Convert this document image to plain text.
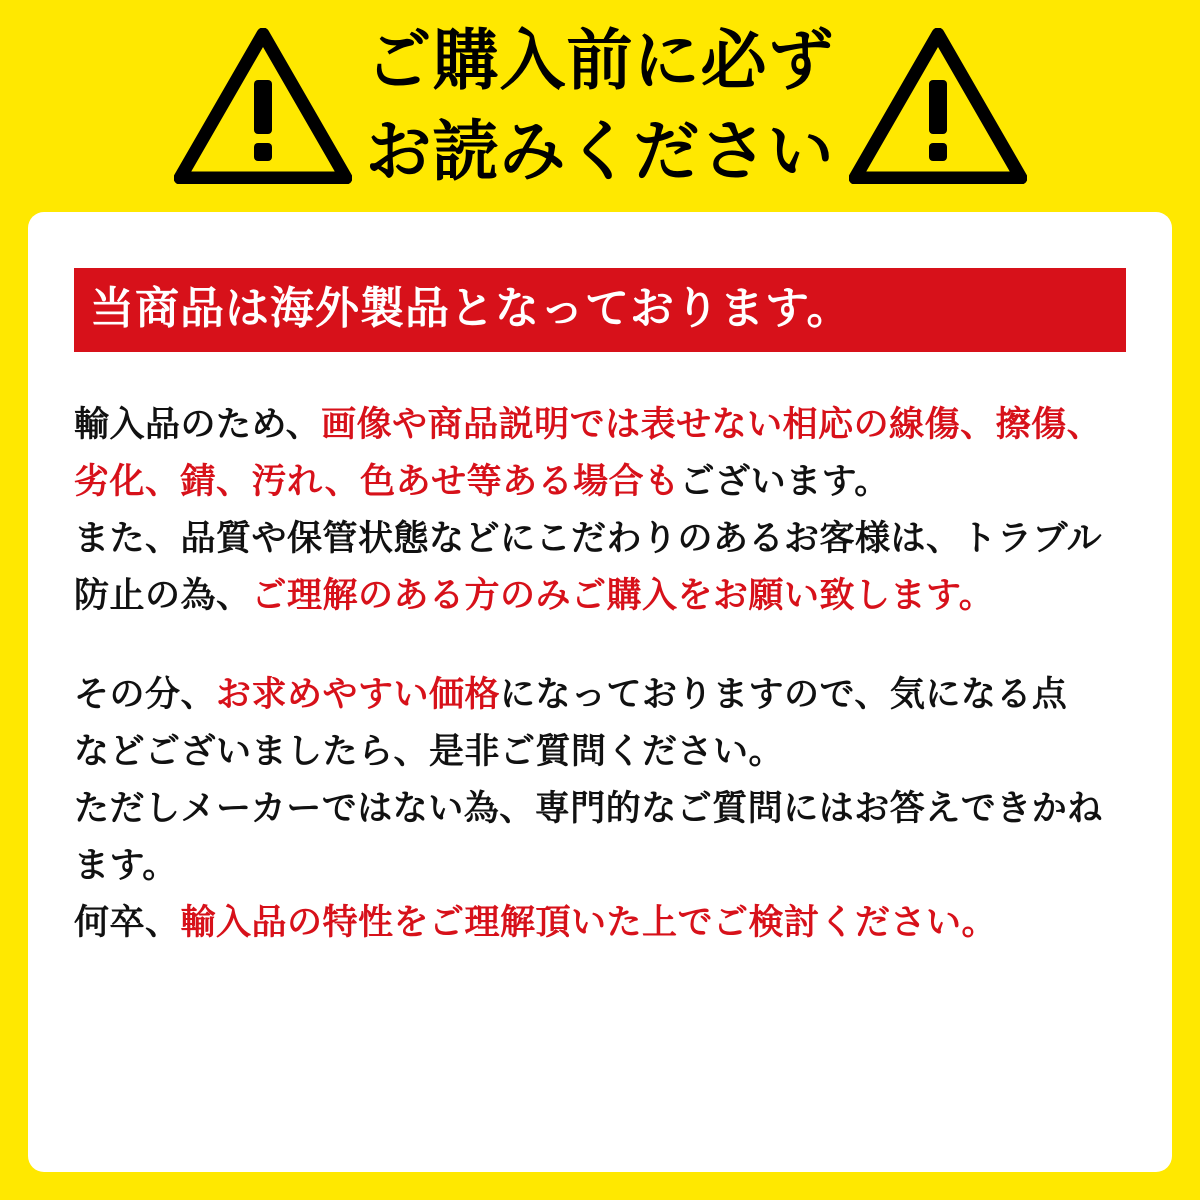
ご購入前に必ず
お読みください
当商品は海外製品となっております。

輸入品のため、画像や商品説明では表せない相応の線傷、擦傷、

劣化、錆、汚れ、色あせ等ある場合もございます。

また、品質や保管状態などにこだわりのあるお客様は、トラブル

防止の為、ご理解のある方のみご購入をお願い致します。

その分、お求めやすい価格になっておりますので、気になる点

などございましたら、是非ご質問ください。

ただしメーカーではない為、専門的なご質問にはお答えできかね

ます。

何卒、輸入品の特性をご理解頂いた上でご検討ください。
